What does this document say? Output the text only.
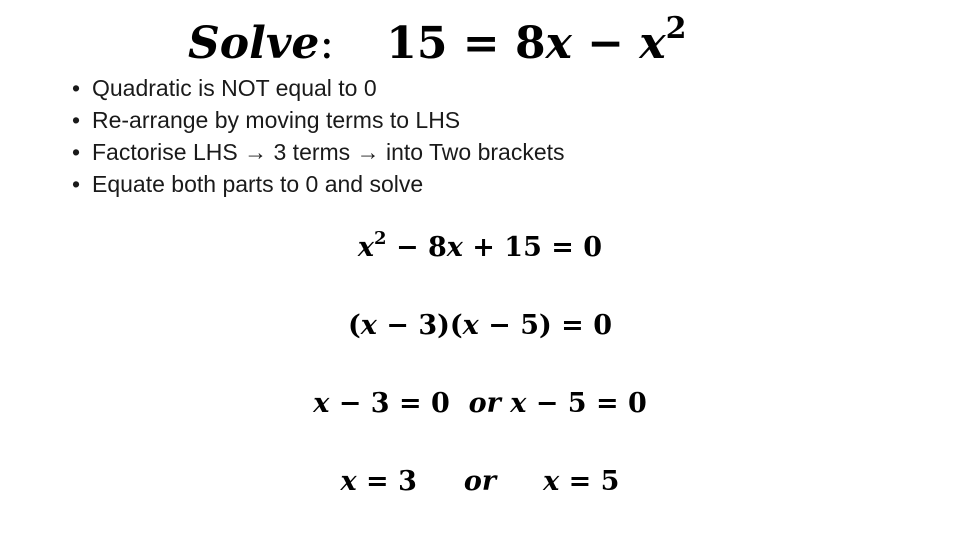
Solve : $15 = 8x - x^2$
• Quadratic is NOT equal to 0
• Re-arrange by moving terms to LHS
• Factorise LHS → 3 terms → into Two brackets
• Equate both parts to 0 and solve
$x^2 - 8x + 15 = 0$
(x − 3)(x − 5) = 0
x − 3 = 0  or x − 5 = 0
x = 3     or x = 5
